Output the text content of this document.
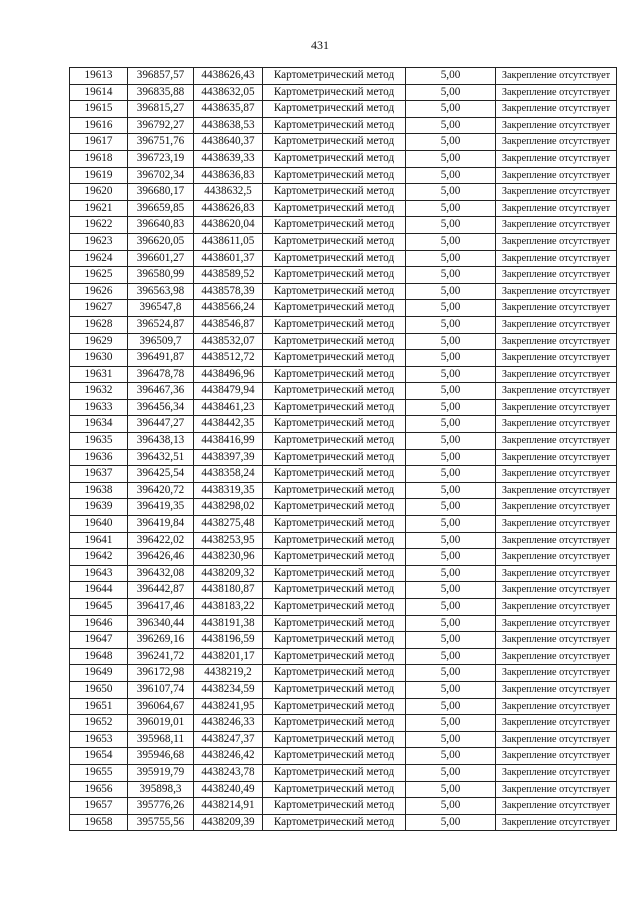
431
19613	396857,57	4438626,43	Картометрический метод	5,00	Закрепление отсутствует
19614	396835,88	4438632,05	Картометрический метод	5,00	Закрепление отсутствует
19615	396815,27	4438635,87	Картометрический метод	5,00	Закрепление отсутствует
19616	396792,27	4438638,53	Картометрический метод	5,00	Закрепление отсутствует
19617	396751,76	4438640,37	Картометрический метод	5,00	Закрепление отсутствует
19618	396723,19	4438639,33	Картометрический метод	5,00	Закрепление отсутствует
19619	396702,34	4438636,83	Картометрический метод	5,00	Закрепление отсутствует
19620	396680,17	4438632,5	Картометрический метод	5,00	Закрепление отсутствует
19621	396659,85	4438626,83	Картометрический метод	5,00	Закрепление отсутствует
19622	396640,83	4438620,04	Картометрический метод	5,00	Закрепление отсутствует
19623	396620,05	4438611,05	Картометрический метод	5,00	Закрепление отсутствует
19624	396601,27	4438601,37	Картометрический метод	5,00	Закрепление отсутствует
19625	396580,99	4438589,52	Картометрический метод	5,00	Закрепление отсутствует
19626	396563,98	4438578,39	Картометрический метод	5,00	Закрепление отсутствует
19627	396547,8	4438566,24	Картометрический метод	5,00	Закрепление отсутствует
19628	396524,87	4438546,87	Картометрический метод	5,00	Закрепление отсутствует
19629	396509,7	4438532,07	Картометрический метод	5,00	Закрепление отсутствует
19630	396491,87	4438512,72	Картометрический метод	5,00	Закрепление отсутствует
19631	396478,78	4438496,96	Картометрический метод	5,00	Закрепление отсутствует
19632	396467,36	4438479,94	Картометрический метод	5,00	Закрепление отсутствует
19633	396456,34	4438461,23	Картометрический метод	5,00	Закрепление отсутствует
19634	396447,27	4438442,35	Картометрический метод	5,00	Закрепление отсутствует
19635	396438,13	4438416,99	Картометрический метод	5,00	Закрепление отсутствует
19636	396432,51	4438397,39	Картометрический метод	5,00	Закрепление отсутствует
19637	396425,54	4438358,24	Картометрический метод	5,00	Закрепление отсутствует
19638	396420,72	4438319,35	Картометрический метод	5,00	Закрепление отсутствует
19639	396419,35	4438298,02	Картометрический метод	5,00	Закрепление отсутствует
19640	396419,84	4438275,48	Картометрический метод	5,00	Закрепление отсутствует
19641	396422,02	4438253,95	Картометрический метод	5,00	Закрепление отсутствует
19642	396426,46	4438230,96	Картометрический метод	5,00	Закрепление отсутствует
19643	396432,08	4438209,32	Картометрический метод	5,00	Закрепление отсутствует
19644	396442,87	4438180,87	Картометрический метод	5,00	Закрепление отсутствует
19645	396417,46	4438183,22	Картометрический метод	5,00	Закрепление отсутствует
19646	396340,44	4438191,38	Картометрический метод	5,00	Закрепление отсутствует
19647	396269,16	4438196,59	Картометрический метод	5,00	Закрепление отсутствует
19648	396241,72	4438201,17	Картометрический метод	5,00	Закрепление отсутствует
19649	396172,98	4438219,2	Картометрический метод	5,00	Закрепление отсутствует
19650	396107,74	4438234,59	Картометрический метод	5,00	Закрепление отсутствует
19651	396064,67	4438241,95	Картометрический метод	5,00	Закрепление отсутствует
19652	396019,01	4438246,33	Картометрический метод	5,00	Закрепление отсутствует
19653	395968,11	4438247,37	Картометрический метод	5,00	Закрепление отсутствует
19654	395946,68	4438246,42	Картометрический метод	5,00	Закрепление отсутствует
19655	395919,79	4438243,78	Картометрический метод	5,00	Закрепление отсутствует
19656	395898,3	4438240,49	Картометрический метод	5,00	Закрепление отсутствует
19657	395776,26	4438214,91	Картометрический метод	5,00	Закрепление отсутствует
19658	395755,56	4438209,39	Картометрический метод	5,00	Закрепление отсутствует
